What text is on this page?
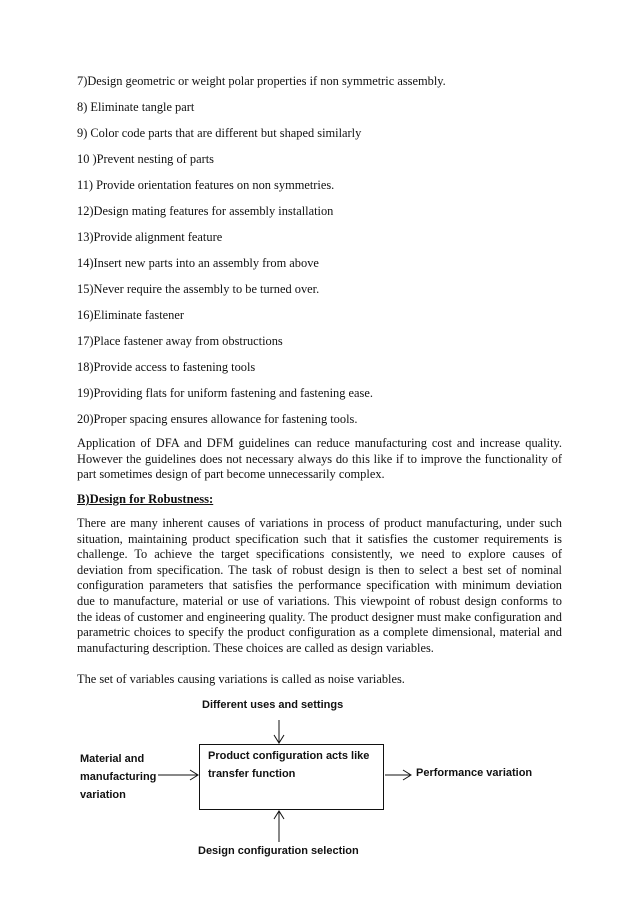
7)Design geometric or weight polar properties if non symmetric assembly.
8) Eliminate tangle part
9) Color code parts that are different but shaped similarly
10 )Prevent nesting of parts
11) Provide orientation features on non symmetries.
12)Design mating features for assembly installation
13)Provide alignment feature
14)Insert new parts into an assembly from above
15)Never require the assembly to be turned over.
16)Eliminate fastener
17)Place fastener away from obstructions
18)Provide access to fastening tools
19)Providing flats for uniform fastening and fastening ease.
20)Proper spacing ensures allowance for fastening tools.

Application of DFA and DFM guidelines can reduce manufacturing cost and increase quality. However the guidelines does not necessary always do this like if to improve the functionality of part sometimes design of part become unnecessarily complex.

B)Design for Robustness:

There are many inherent causes of variations in process of product manufacturing, under such situation, maintaining product specification such that it satisfies the customer requirements is challenge. To achieve the target specifications consistently, we need to explore causes of deviation from specification. The task of robust design is then to select a best set of nominal configuration parameters that satisfies the performance specification with minimum deviation due to manufacture, material or use of variations. This viewpoint of robust design conforms to the ideas of customer and engineering quality. The product designer must make configuration and parametric choices to specify the product configuration as a complete dimensional, material and manufacturing description. These choices are called as design variables.

The set of variables causing variations is called as noise variables.

Different uses and settings
Material and manufacturing variation
Product configuration acts like transfer function	Performance variation
Design configuration selection
